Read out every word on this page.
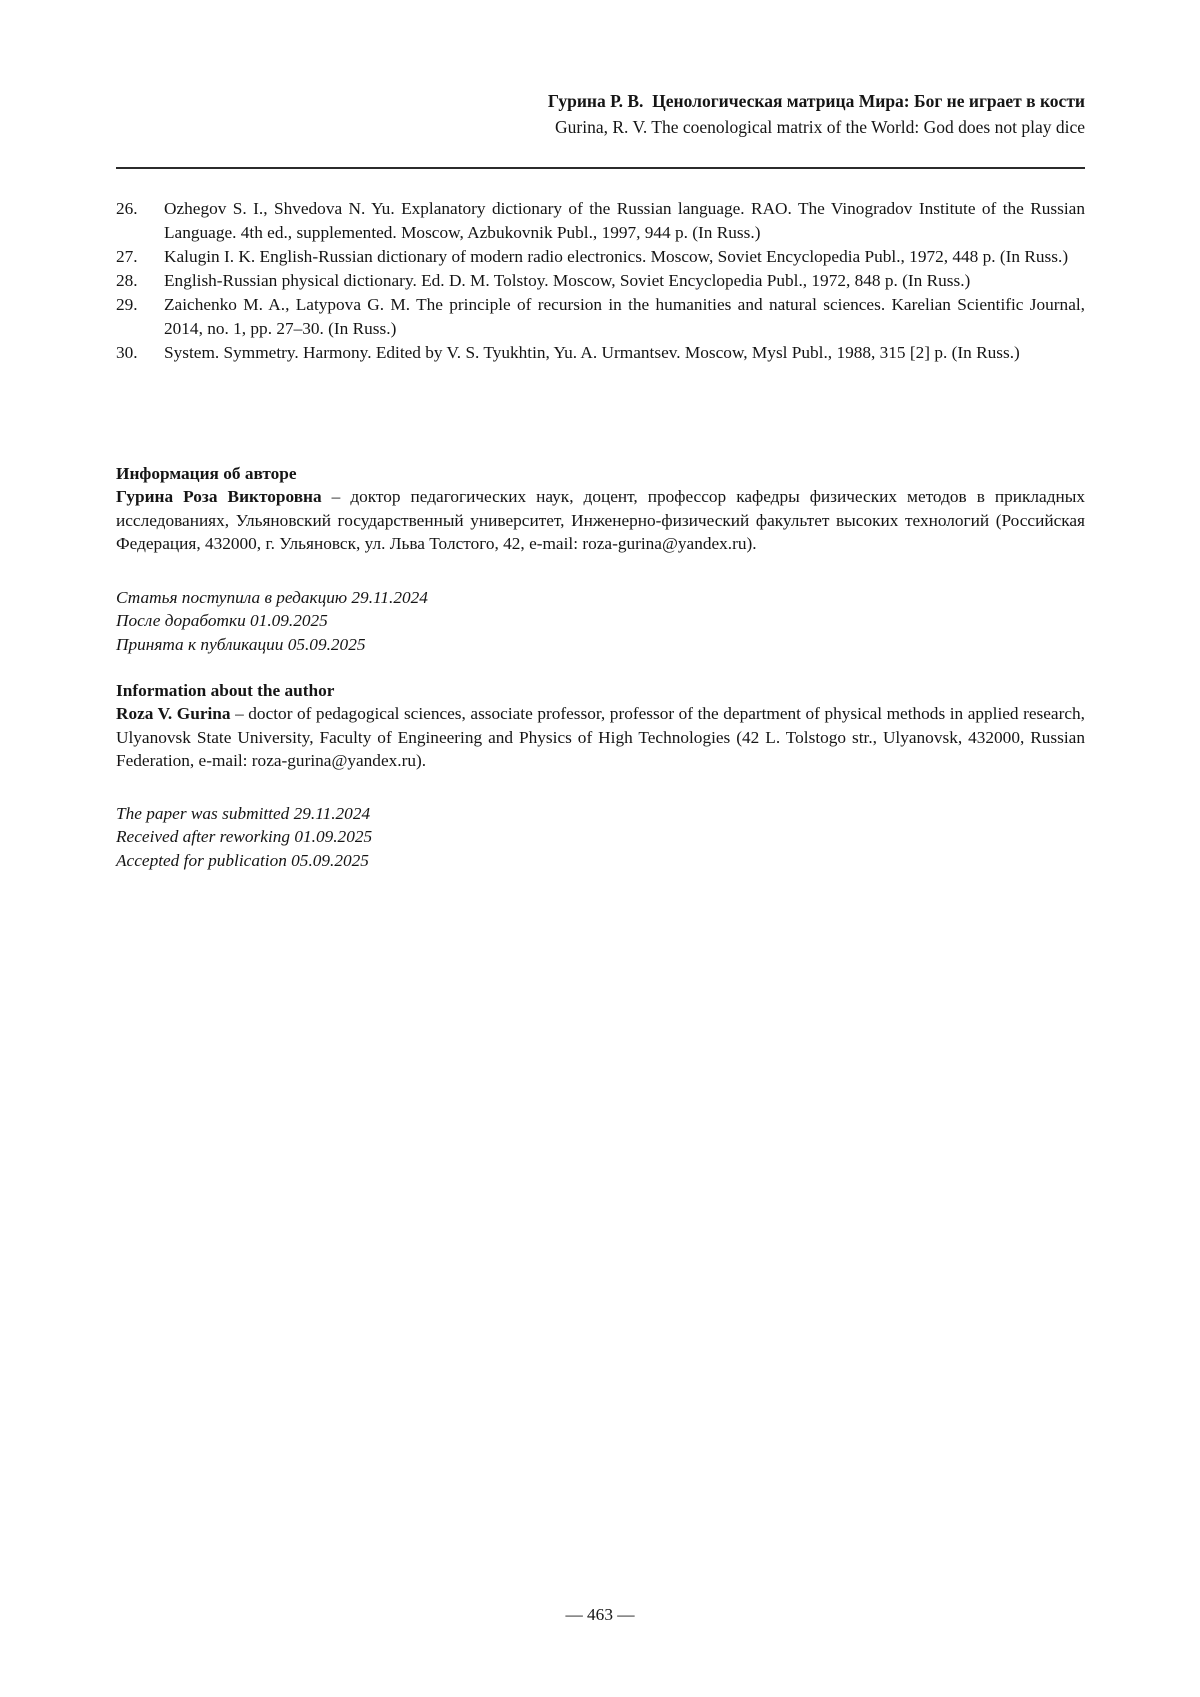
Гурина Р. В.  Ценологическая матрица Мира: Бог не играет в кости
Gurina, R. V. The coenological matrix of the World: God does not play dice
26.	Ozhegov S. I., Shvedova N. Yu. Explanatory dictionary of the Russian language. RAO. The Vinogradov Institute of the Russian Language. 4th ed., supplemented. Moscow, Azbukovnik Publ., 1997, 944 p. (In Russ.)
27.	Kalugin I. K. English-Russian dictionary of modern radio electronics. Moscow, Soviet Encyclopedia Publ., 1972, 448 p. (In Russ.)
28.	English-Russian physical dictionary. Ed. D. M. Tolstoy. Moscow, Soviet Encyclopedia Publ., 1972, 848 p. (In Russ.)
29.	Zaichenko M. A., Latypova G. M. The principle of recursion in the humanities and natural sciences. Karelian Scientific Journal, 2014, no. 1, pp. 27–30. (In Russ.)
30.	System. Symmetry. Harmony. Edited by V. S. Tyukhtin, Yu. A. Urmantsev. Moscow, Mysl Publ., 1988, 315 [2] p. (In Russ.)
Информация об авторе

Гурина Роза Викторовна – доктор педагогических наук, доцент, профессор кафедры физических методов в прикладных исследованиях, Ульяновский государственный университет, Инженерно-физический факультет высоких технологий (Российская Федерация, 432000, г. Ульяновск, ул. Льва Толстого, 42, e-mail: roza-gurina@yandex.ru).

Статья поступила в редакцию 29.11.2024
После доработки 01.09.2025
Принята к публикации 05.09.2025
Information about the author

Roza V. Gurina – doctor of pedagogical sciences, associate professor, professor of the department of physical methods in applied research, Ulyanovsk State University, Faculty of Engineering and Physics of High Technologies (42 L. Tolstogo str., Ulyanovsk, 432000, Russian Federation, e-mail: roza-gurina@yandex.ru).

The paper was submitted 29.11.2024
Received after reworking 01.09.2025
Accepted for publication 05.09.2025
— 463 —
